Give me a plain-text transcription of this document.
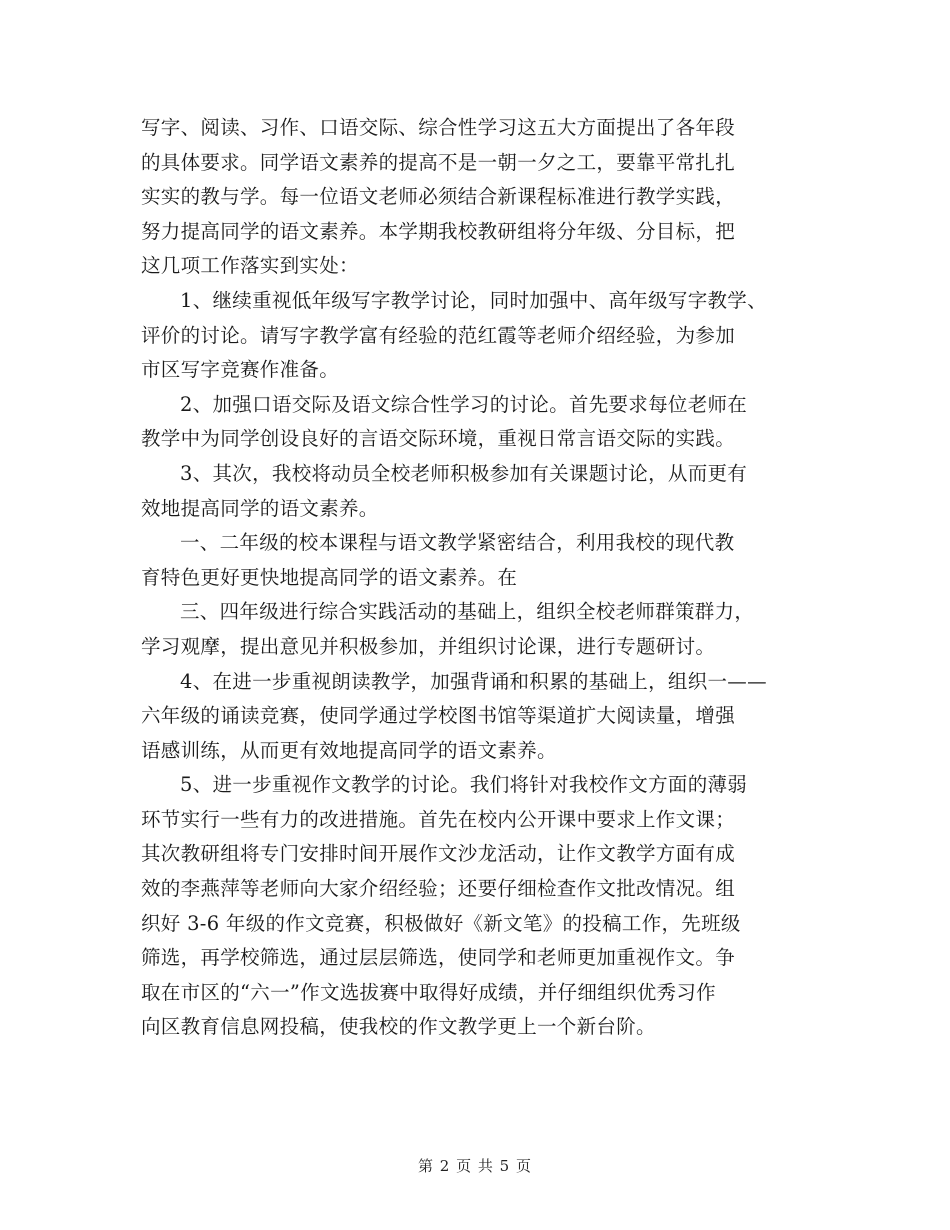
写字、阅读、习作、口语交际、综合性学习这五大方面提出了各年段
的具体要求。同学语文素养的提高不是一朝一夕之工，要靠平常扎扎
实实的教与学。每一位语文老师必须结合新课程标准进行教学实践，
努力提高同学的语文素养。本学期我校教研组将分年级、分目标，把
这几项工作落实到实处：
1、继续重视低年级写字教学讨论，同时加强中、高年级写字教学、
评价的讨论。请写字教学富有经验的范红霞等老师介绍经验，为参加
市区写字竞赛作准备。
2、加强口语交际及语文综合性学习的讨论。首先要求每位老师在
教学中为同学创设良好的言语交际环境，重视日常言语交际的实践。
3、其次，我校将动员全校老师积极参加有关课题讨论，从而更有
效地提高同学的语文素养。
一、二年级的校本课程与语文教学紧密结合，利用我校的现代教
育特色更好更快地提高同学的语文素养。在
三、四年级进行综合实践活动的基础上，组织全校老师群策群力，
学习观摩，提出意见并积极参加，并组织讨论课，进行专题研讨。
4、在进一步重视朗读教学，加强背诵和积累的基础上，组织一——
六年级的诵读竞赛，使同学通过学校图书馆等渠道扩大阅读量，增强
语感训练，从而更有效地提高同学的语文素养。
5、进一步重视作文教学的讨论。我们将针对我校作文方面的薄弱
环节实行一些有力的改进措施。首先在校内公开课中要求上作文课；
其次教研组将专门安排时间开展作文沙龙活动，让作文教学方面有成
效的李燕萍等老师向大家介绍经验；还要仔细检查作文批改情况。组
织好 3-6 年级的作文竞赛，积极做好《新文笔》的投稿工作，先班级
筛选，再学校筛选，通过层层筛选，使同学和老师更加重视作文。争
取在市区的“六一”作文选拔赛中取得好成绩，并仔细组织优秀习作
向区教育信息网投稿，使我校的作文教学更上一个新台阶。
第 2 页 共 5 页
